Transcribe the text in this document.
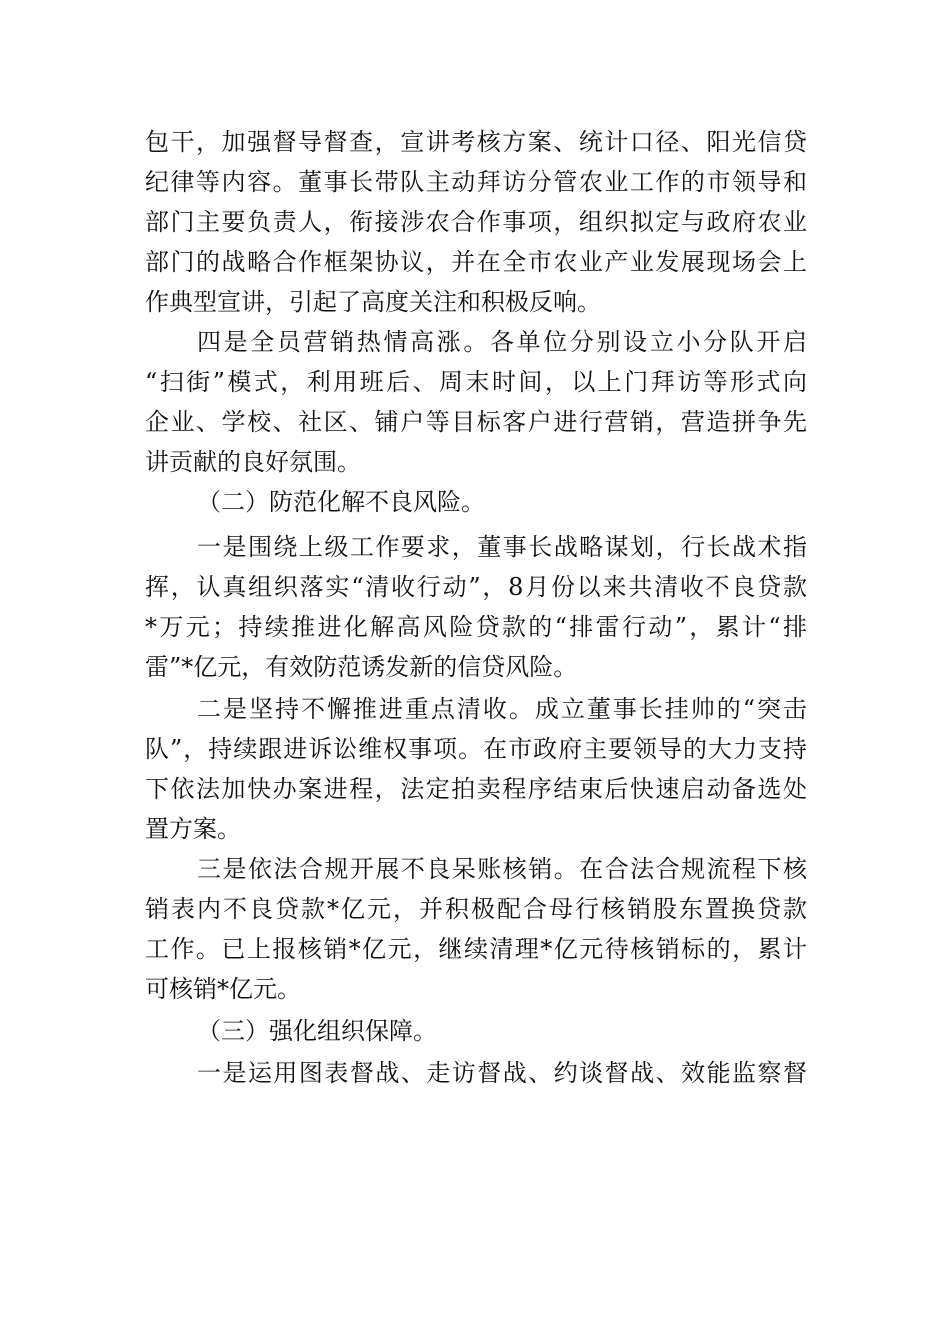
包干，加强督导督查，宣讲考核方案、统计口径、阳光信贷

纪律等内容。董事长带队主动拜访分管农业工作的市领导和

部门主要负责人，衔接涉农合作事项，组织拟定与政府农业

部门的战略合作框架协议，并在全市农业产业发展现场会上

作典型宣讲，引起了高度关注和积极反响。

四是全员营销热情高涨。各单位分别设立小分队开启

“扫街”模式，利用班后、周末时间，以上门拜访等形式向

企业、学校、社区、铺户等目标客户进行营销，营造拼争先

讲贡献的良好氛围。

（二）防范化解不良风险。

一是围绕上级工作要求，董事长战略谋划，行长战术指

挥，认真组织落实“清收行动”，8月份以来共清收不良贷款

*万元；持续推进化解高风险贷款的“排雷行动”，累计“排

雷”*亿元，有效防范诱发新的信贷风险。

二是坚持不懈推进重点清收。成立董事长挂帅的“突击

队”，持续跟进诉讼维权事项。在市政府主要领导的大力支持

下依法加快办案进程，法定拍卖程序结束后快速启动备选处

置方案。

三是依法合规开展不良呆账核销。在合法合规流程下核

销表内不良贷款*亿元，并积极配合母行核销股东置换贷款

工作。已上报核销*亿元，继续清理*亿元待核销标的，累计

可核销*亿元。

（三）强化组织保障。

一是运用图表督战、走访督战、约谈督战、效能监察督
